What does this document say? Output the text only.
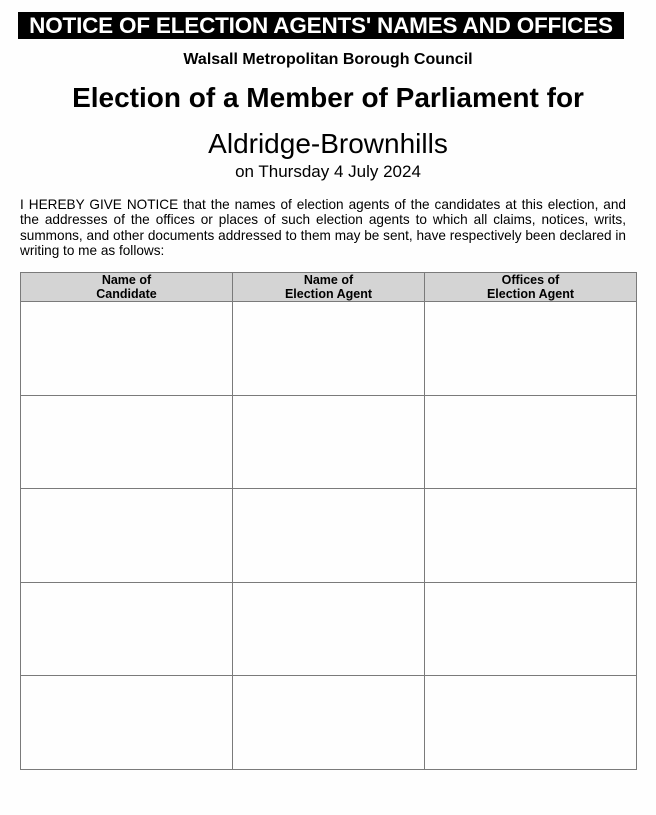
NOTICE OF ELECTION AGENTS' NAMES AND OFFICES
Walsall Metropolitan Borough Council
Election of a Member of Parliament for
Aldridge-Brownhills
on Thursday 4 July 2024
I HEREBY GIVE NOTICE that the names of election agents of the candidates at this election, and the addresses of the offices or places of such election agents to which all claims, notices, writs, summons, and other documents addressed to them may be sent, have respectively been declared in writing to me as follows:
Name of
Candidate

Name of
Election Agent

Offices of
Election Agent
